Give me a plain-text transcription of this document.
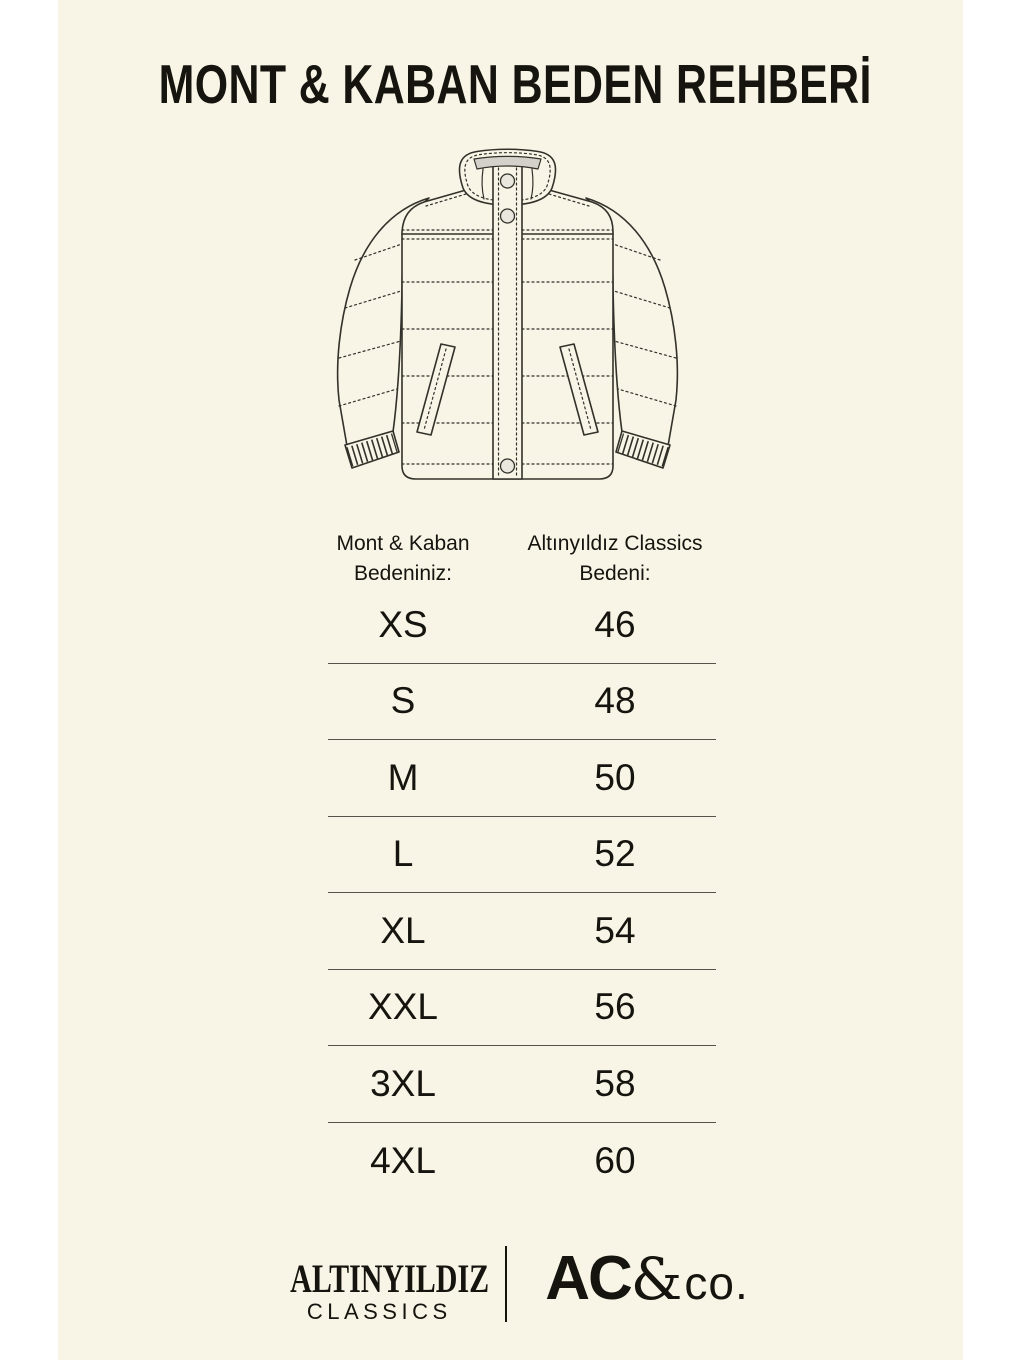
MONT & KABAN BEDEN REHBERİ
Mont & Kaban
Bedeniniz:
Altınyıldız Classics
Bedeni:
XS	46
S	48
M	50
L	52
XL	54
XXL	56
3XL	58
4XL	60
ALTINYILDIZ
CLASSICS	AC & co.
